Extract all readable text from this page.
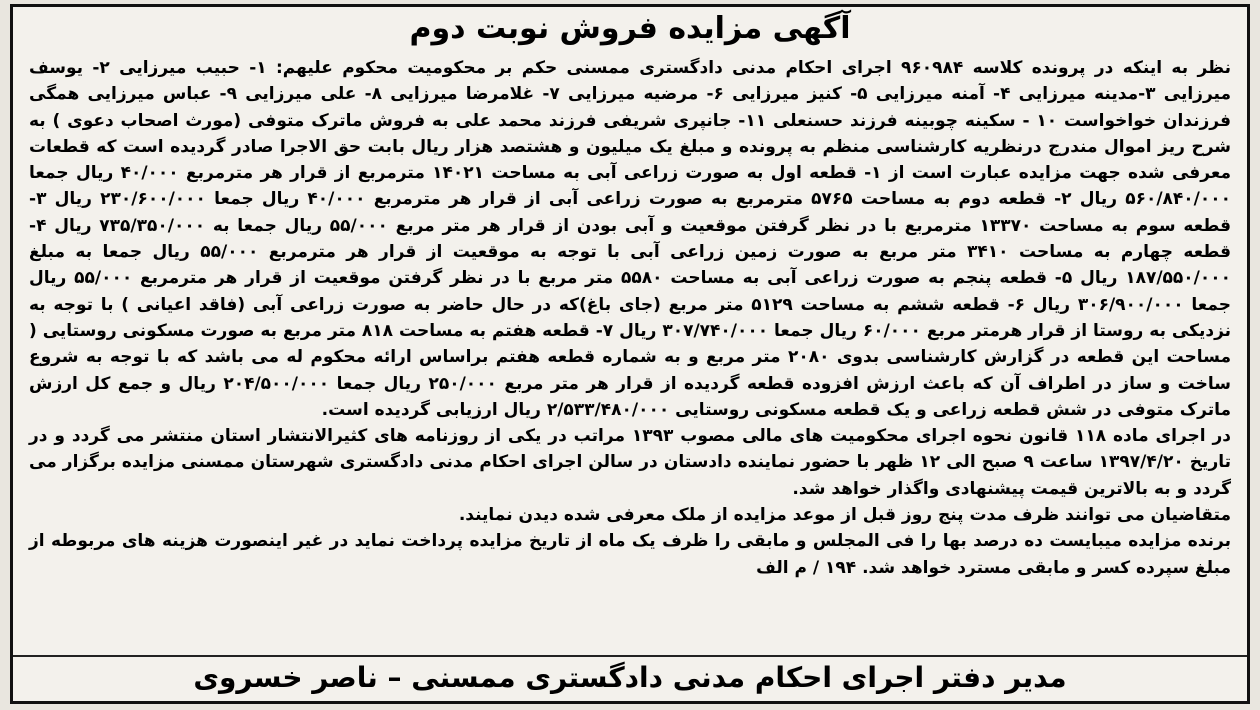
آگهی مزایده فروش نوبت دوم

نظر به اینکه در پرونده کلاسه ۹۶۰۹۸۴ اجرای احکام مدنی دادگستری ممسنی حکم بر محکومیت محکوم علیهم: ۱- حبیب میرزایی ۲- یوسف میرزایی ۳-مدینه میرزایی ۴- آمنه میرزایی ۵- کنیز میرزایی ۶- مرضیه میرزایی ۷- غلامرضا میرزایی ۸- علی میرزایی ۹- عباس میرزایی همگی فرزندان خواخواست ۱۰ - سکینه چوبینه فرزند حسنعلی ۱۱- جانپری شریفی فرزند محمد علی به فروش ماترک متوفی (مورث اصحاب دعوی ) به شرح ریز اموال مندرج درنظریه کارشناسی منظم به پرونده و مبلغ یک میلیون و هشتصد هزار ریال بابت حق الاجرا صادر گردیده است که قطعات معرفی شده جهت مزایده عبارت است از ۱- قطعه اول به صورت زراعی آبی به مساحت ۱۴۰۲۱ مترمربع از قرار هر مترمربع ۴۰/۰۰۰ ریال جمعا ۵۶۰/۸۴۰/۰۰۰ ریال ۲- قطعه دوم به مساحت ۵۷۶۵ مترمربع به صورت زراعی آبی از قرار هر مترمربع ۴۰/۰۰۰ ریال جمعا ۲۳۰/۶۰۰/۰۰۰ ریال ۳- قطعه سوم به مساحت ۱۳۳۷۰ مترمربع با در نظر گرفتن موقعیت و آبی بودن از قرار هر متر مربع ۵۵/۰۰۰ ریال جمعا به ۷۳۵/۳۵۰/۰۰۰ ریال ۴- قطعه چهارم به مساحت ۳۴۱۰ متر مربع به صورت زمین زراعی آبی با توجه به موقعیت از قرار هر مترمربع ۵۵/۰۰۰ ریال جمعا به مبلغ ۱۸۷/۵۵۰/۰۰۰ ریال ۵- قطعه پنجم به صورت زراعی آبی به مساحت ۵۵۸۰ متر مربع با در نظر گرفتن موقعیت از قرار هر مترمربع ۵۵/۰۰۰ ریال جمعا ۳۰۶/۹۰۰/۰۰۰ ریال ۶- قطعه ششم به مساحت ۵۱۲۹ متر مربع (جای باغ)که در حال حاضر به صورت زراعی آبی (فاقد اعیانی ) با توجه به نزدیکی به روستا از قرار هرمتر مربع ۶۰/۰۰۰ ریال جمعا ۳۰۷/۷۴۰/۰۰۰ ریال ۷- قطعه هفتم به مساحت ۸۱۸ متر مربع به صورت مسکونی روستایی ( مساحت این قطعه در گزارش کارشناسی بدوی ۲۰۸۰ متر مربع و به شماره قطعه هفتم براساس ارائه محکوم له می باشد که با توجه به شروع ساخت و ساز در اطراف آن که باعث ارزش افزوده قطعه گردیده از قرار هر متر مربع ۲۵۰/۰۰۰ ریال جمعا ۲۰۴/۵۰۰/۰۰۰ ریال و جمع کل ارزش ماترک متوفی در شش قطعه زراعی و یک قطعه مسکونی روستایی ۲/۵۳۳/۴۸۰/۰۰۰ ریال ارزیابی گردیده است.

در اجرای ماده ۱۱۸ قانون نحوه اجرای محکومیت های مالی مصوب ۱۳۹۳ مراتب در یکی از روزنامه های کثیرالانتشار استان منتشر می گردد و در تاریخ ۱۳۹۷/۴/۲۰ ساعت ۹ صبح الی ۱۲ ظهر با حضور نماینده دادستان در سالن اجرای احکام مدنی دادگستری شهرستان ممسنی مزایده برگزار می گردد و به بالاترین قیمت پیشنهادی واگذار خواهد شد.

متقاضیان می توانند ظرف مدت پنج روز قبل از موعد مزایده از ملک معرفی شده دیدن نمایند.

برنده مزایده میبایست ده درصد بها را فی المجلس و مابقی را ظرف یک ماه از تاریخ مزایده پرداخت نماید در غیر اینصورت هزینه های مربوطه از مبلغ سپرده کسر و مابقی مسترد خواهد شد. ۱۹۴ / م الف

مدیر دفتر اجرای احکام مدنی دادگستری ممسنی – ناصر خسروی
